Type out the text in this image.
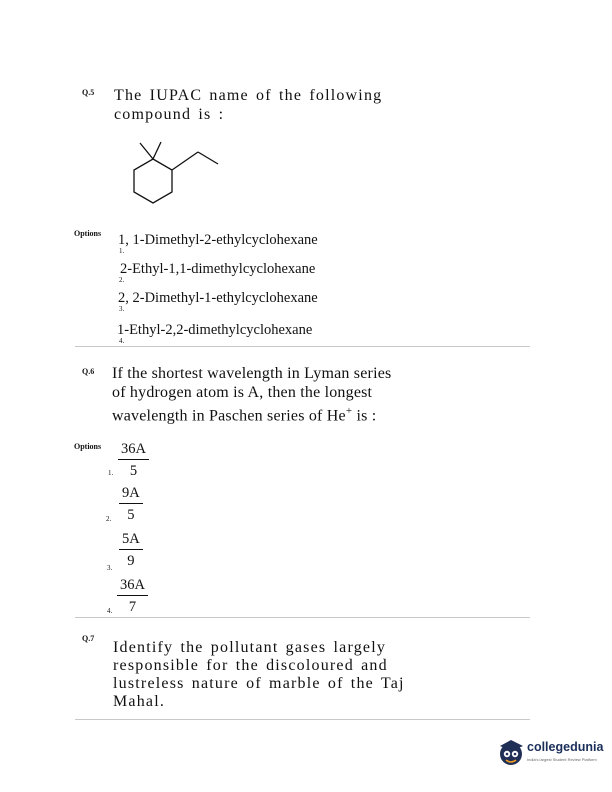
Q.5 The IUPAC name of the following
compound is :
Options
1.
1, 1-Dimethyl-2-ethylcyclohexane
2.
2-Ethyl-1,1-dimethylcyclohexane
3.
2, 2-Dimethyl-1-ethylcyclohexane
4.
1-Ethyl-2,2-dimethylcyclohexane
Q.6 If the shortest wavelength in Lyman series
of hydrogen atom is A, then the longest
wavelength in Paschen series of He+ is :
Options $\frac{36A}{5}$
1.
$\frac{9A}{5}$
2.
$\frac{5A}{9}$
3.
$\frac{36A}{7}$
4.
Q.7
Identify the pollutant gases largely
responsible for the discoloured and
lustreless nature of marble of the Taj
Mahal.
collegedunia
India's largest Student Review Platform
